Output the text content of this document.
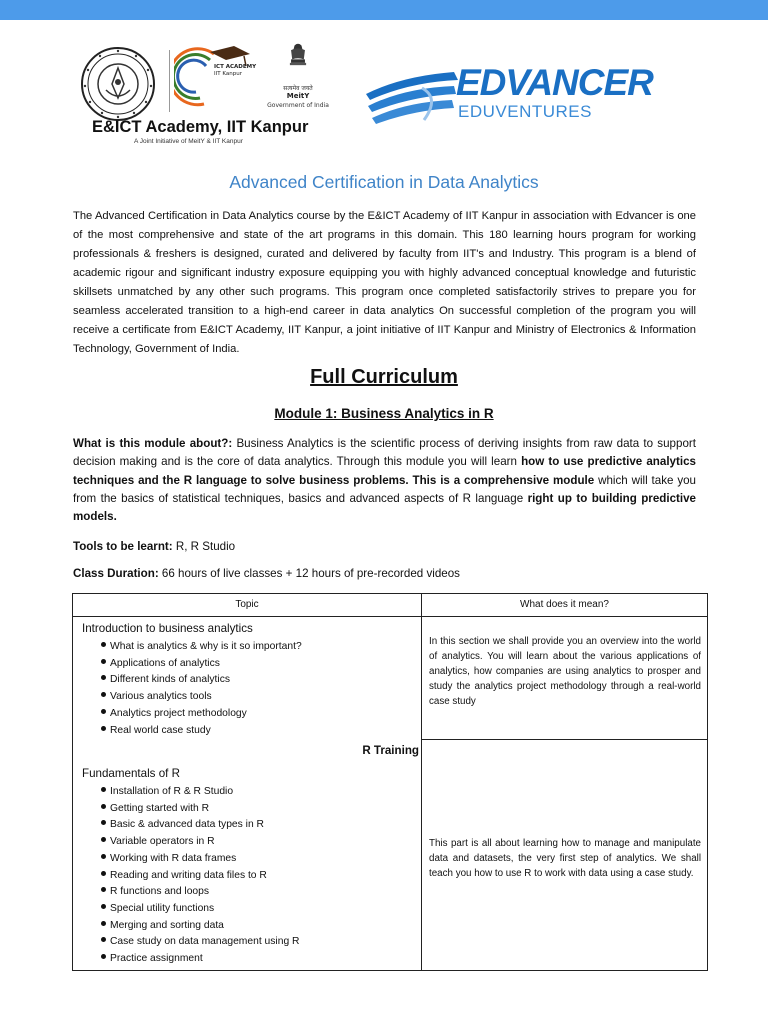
ICT ACADEMY
IIT Kanpur
सत्यमेव जयते
MeitY
Government of India
E&ICT Academy, IIT Kanpur
A Joint Initiative of MeitY & IIT Kanpur
EDVANCER
EDUVENTURES
Advanced Certification in Data Analytics
The Advanced Certification in Data Analytics course by the E&ICT Academy of IIT Kanpur in association with Edvancer is one of the most comprehensive and state of the art programs in this domain. This 180 learning hours program for working professionals & freshers is designed, curated and delivered by faculty from IIT's and Industry. This program is a blend of academic rigour and significant industry exposure equipping you with highly advanced conceptual knowledge and futuristic skillsets unmatched by any other such programs. This program once completed satisfactorily strives to prepare you for seamless accelerated transition to a high-end career in data analytics On successful completion of the program you will receive a certificate from E&ICT Academy, IIT Kanpur, a joint initiative of IIT Kanpur and Ministry of Electronics & Information Technology, Government of India.
Full Curriculum
Module 1: Business Analytics in R
What is this module about?: Business Analytics is the scientific process of deriving insights from raw data to support decision making and is the core of data analytics. Through this module you will learn how to use predictive analytics techniques and the R language to solve business problems. This is a comprehensive module which will take you from the basics of statistical techniques, basics and advanced aspects of R language right up to building predictive models.
Tools to be learnt: R, R Studio
Class Duration: 66 hours of live classes + 12 hours of pre-recorded videos
Topic	What does it mean?
Introduction to business analytics
What is analytics & why is it so important?
Applications of analytics
Different kinds of analytics
Various analytics tools
Analytics project methodology
Real world case study
In this section we shall provide you an overview into the world of analytics. You will learn about the various applications of analytics, how companies are using analytics to prosper and study the analytics project methodology through a real-world case study
R Training
Fundamentals of R
Installation of R & R Studio
Getting started with R
Basic & advanced data types in R
Variable operators in R
Working with R data frames
Reading and writing data files to R
R functions and loops
Special utility functions
Merging and sorting data
Case study on data management using R
Practice assignment
This part is all about learning how to manage and manipulate data and datasets, the very first step of analytics. We shall teach you how to use R to work with data using a case study.
